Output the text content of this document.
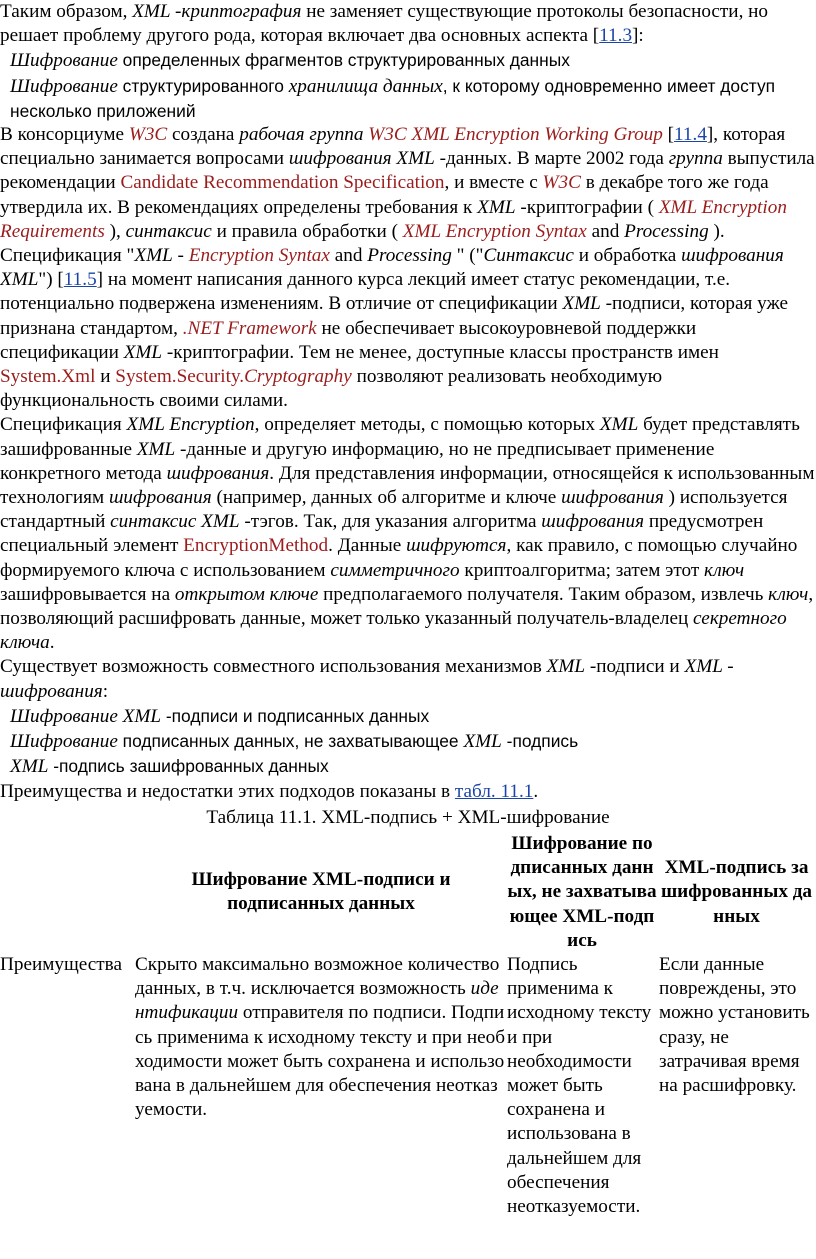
Таким образом, XML -криптография не заменяет существующие протоколы безопасности, но решает проблему другого рода, которая включает два основных аспекта [11.3]:

Шифрование определенных фрагментов структурированных данных
Шифрование структурированного хранилища данных, к которому одновременно имеет доступ несколько приложений

В консорциуме W3C создана рабочая группа W3C XML Encryption Working Group [11.4], которая специально занимается вопросами шифрования XML -данных. В марте 2002 года группа выпустила рекомендации Candidate Recommendation Specification, и вместе с W3C в декабре того же года утвердила их. В рекомендациях определены требования к XML -криптографии ( XML Encryption Requirements ), синтаксис и правила обработки ( XML Encryption Syntax and Processing ). Спецификация "XML - Encryption Syntax and Processing " ("Синтаксис и обработка шифрования XML") [11.5] на момент написания данного курса лекций имеет статус рекомендации, т.е. потенциально подвержена изменениям. В отличие от спецификации XML -подписи, которая уже признана стандартом, .NET Framework не обеспечивает высокоуровневой поддержки спецификации XML -криптографии. Тем не менее, доступные классы пространств имен System.Xml и System.Security.Cryptography позволяют реализовать необходимую функциональность своими силами.

Спецификация XML Encryption, определяет методы, с помощью которых XML будет представлять зашифрованные XML -данные и другую информацию, но не предписывает применение конкретного метода шифрования. Для представления информации, относящейся к использованным технологиям шифрования (например, данных об алгоритме и ключе шифрования ) используется стандартный синтаксис XML -тэгов. Так, для указания алгоритма шифрования предусмотрен специальный элемент EncryptionMethod. Данные шифруются, как правило, с помощью случайно формируемого ключа с использованием симметричного криптоалгоритма; затем этот ключ зашифровывается на открытом ключе предполагаемого получателя. Таким образом, извлечь ключ, позволяющий расшифровать данные, может только указанный получатель-владелец секретного ключа.

Существует возможность совместного использования механизмов XML -подписи и XML - шифрования:

Шифрование XML -подписи и подписанных данных
Шифрование подписанных данных, не захватывающее XML -подпись
XML -подпись зашифрованных данных

Преимущества и недостатки этих подходов показаны в табл. 11.1.

Таблица 11.1. XML-подпись + XML-шифрование
	Шифрование XML-подписи и подписанных данных	Шифрование подписанных данных, не захватывающее XML-подпись	XML-подпись зашифрованных данных
Преимущества	Скрыто максимально возможное количество данных, в т.ч. исключается возможность идентификации отправителя по подписи. Подпись применима к исходному тексту и при необходимости может быть сохранена и использована в дальнейшем для обеспечения неотказуемости.	Подпись применима к исходному тексту и при необходимости может быть сохранена и использована в дальнейшем для обеспечения неотказуемости.	Если данные повреждены, это можно установить сразу, не затрачивая время на расшифровку.
